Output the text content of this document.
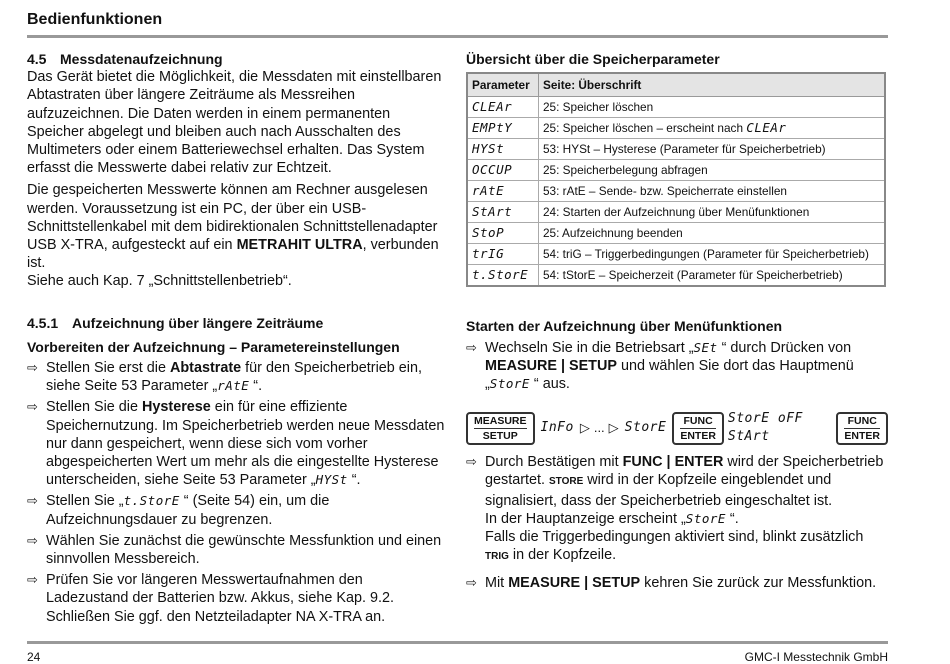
Bedienfunktionen

4.5 Messdatenaufzeichnung

Das Gerät bietet die Möglichkeit, die Messdaten mit einstellbaren Abtastraten über längere Zeiträume als Messreihen aufzuzeichnen. Die Daten werden in einem permanenten Speicher abgelegt und bleiben auch nach Ausschalten des Multimeters oder einem Batteriewechsel erhalten. Das System erfasst die Messwerte dabei relativ zur Echtzeit.

Die gespeicherten Messwerte können am Rechner ausgelesen werden. Voraussetzung ist ein PC, der über ein USB-Schnittstellenkabel mit dem bidirektionalen Schnittstellenadapter USB X-TRA, aufgesteckt auf ein METRAHIT ULTRA, verbunden ist.
Siehe auch Kap. 7 „Schnittstellenbetrieb“.

4.5.1 Aufzeichnung über längere Zeiträume

Vorbereiten der Aufzeichnung – Parametereinstellungen

⇨ Stellen Sie erst die Abtastrate für den Speicherbetrieb ein, siehe Seite 53 Parameter „rAtE “.
⇨ Stellen Sie die Hysterese ein für eine effiziente Speichernutzung. Im Speicherbetrieb werden neue Messdaten nur dann gespeichert, wenn diese sich vom vorher abgespeicherten Wert um mehr als die eingestellte Hysterese unterscheiden, siehe Seite 53 Parameter „HYSt “.
⇨ Stellen Sie „t.StorE “ (Seite 54) ein, um die Aufzeichnungsdauer zu begrenzen.
⇨ Wählen Sie zunächst die gewünschte Messfunktion und einen sinnvollen Messbereich.
⇨ Prüfen Sie vor längeren Messwertaufnahmen den Ladezustand der Batterien bzw. Akkus, siehe Kap. 9.2. Schließen Sie ggf. den Netzteiladapter NA X-TRA an.

Übersicht über die Speicherparameter

Parameter	Seite: Überschrift
CLEAr	25: Speicher löschen
EMPtY	25: Speicher löschen – erscheint nach CLEAr
HYSt	53: HYSt – Hysterese (Parameter für Speicherbetrieb)
OCCUP	25: Speicherbelegung abfragen
rAtE	53: rAtE – Sende- bzw. Speicherrate einstellen
StArt	24: Starten der Aufzeichnung über Menüfunktionen
StoP	25: Aufzeichnung beenden
trIG	54: triG – Triggerbedingungen (Parameter für Speicherbetrieb)
t.StorE	54: tStorE – Speicherzeit (Parameter für Speicherbetrieb)

Starten der Aufzeichnung über Menüfunktionen

⇨ Wechseln Sie in die Betriebsart „SEt “ durch Drücken von MEASURE | SETUP und wählen Sie dort das Hauptmenü „StorE “ aus.
MEASURE
SETUP
InFo ▷ ... ▷ StorE	FUNC
ENTER
StorE oFF StArt
FUNC
ENTER
⇨ Durch Bestätigen mit FUNC | ENTER wird der Speicherbetrieb gestartet. STORE wird in der Kopfzeile eingeblendet und signalisiert, dass der Speicherbetrieb eingeschaltet ist.
In der Hauptanzeige erscheint „StorE “.
Falls die Triggerbedingungen aktiviert sind, blinkt zusätzlich TRIG in der Kopfzeile.
⇨ Mit MEASURE | SETUP kehren Sie zurück zur Messfunktion.
24	GMC-I Messtechnik GmbH
